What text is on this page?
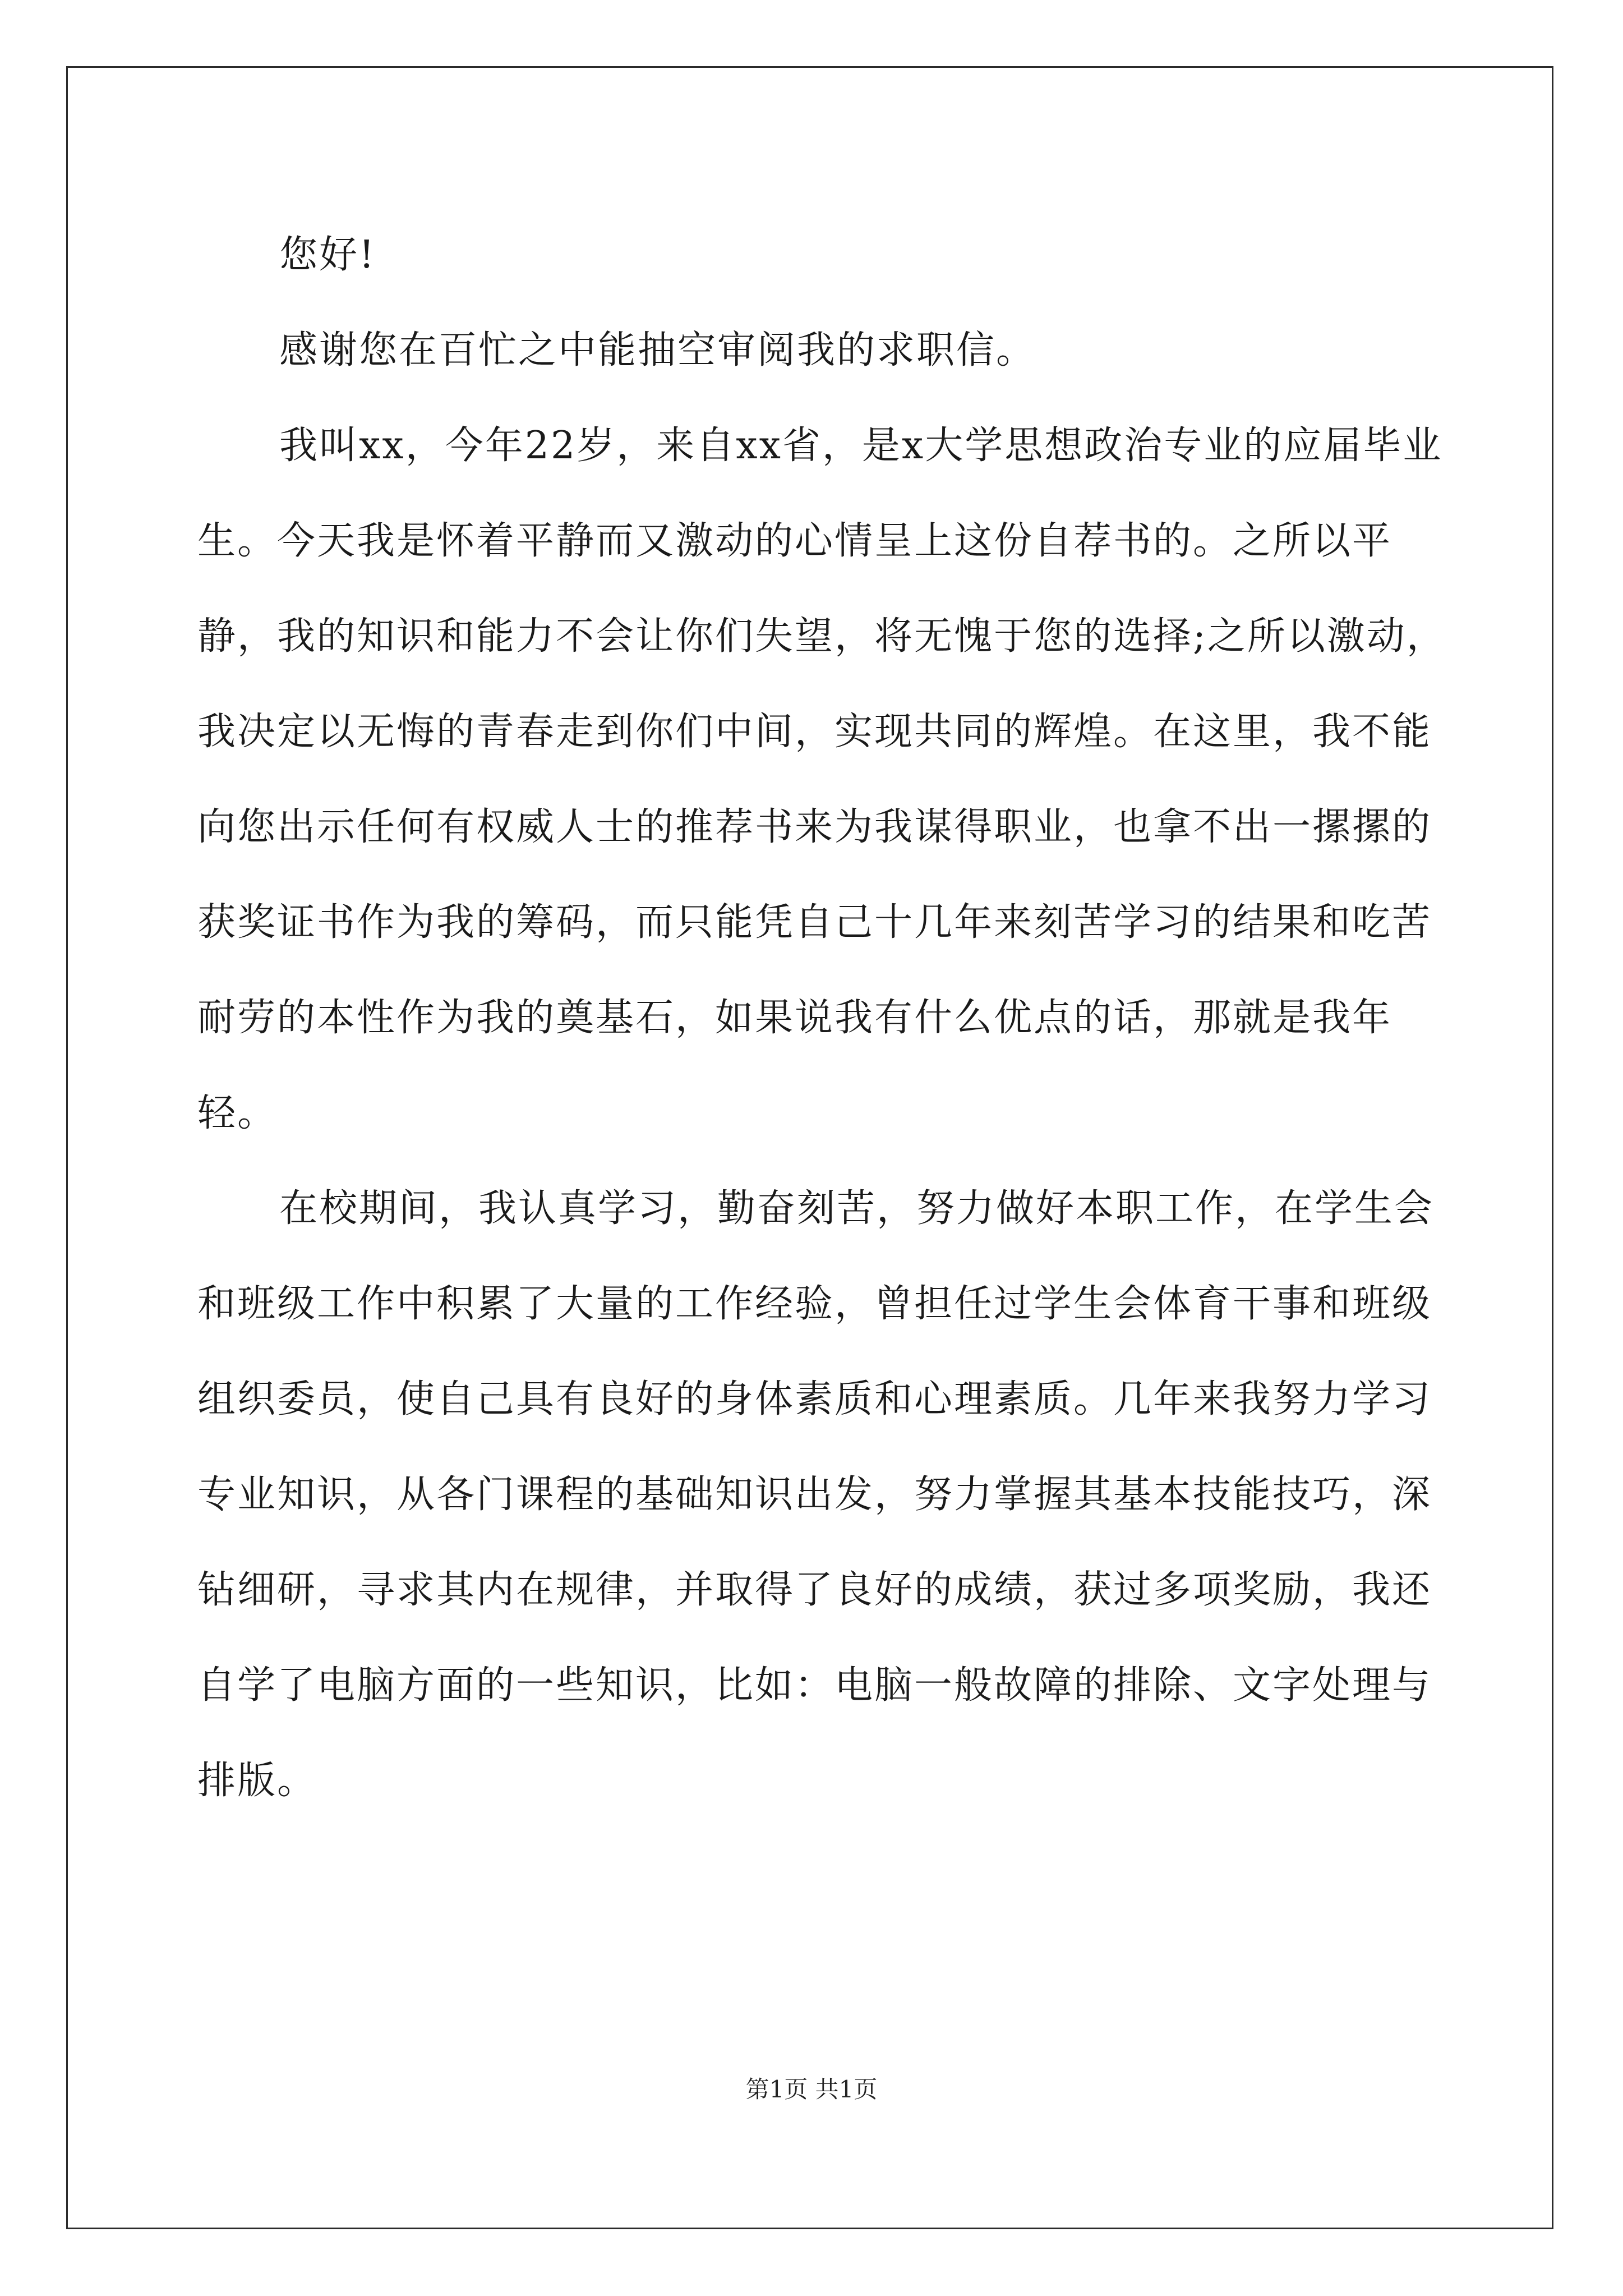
您好!

感谢您在百忙之中能抽空审阅我的求职信。

我叫xx，今年22岁，来自xx省，是x大学思想政治专业的应届毕业生。今天我是怀着平静而又激动的心情呈上这份自荐书的。之所以平静，我的知识和能力不会让你们失望，将无愧于您的选择;之所以激动，我决定以无悔的青春走到你们中间，实现共同的辉煌。在这里，我不能向您出示任何有权威人士的推荐书来为我谋得职业，也拿不出一摞摞的获奖证书作为我的筹码，而只能凭自己十几年来刻苦学习的结果和吃苦耐劳的本性作为我的奠基石，如果说我有什么优点的话，那就是我年轻。

在校期间，我认真学习，勤奋刻苦，努力做好本职工作，在学生会和班级工作中积累了大量的工作经验，曾担任过学生会体育干事和班级组织委员，使自己具有良好的身体素质和心理素质。几年来我努力学习专业知识，从各门课程的基础知识出发，努力掌握其基本技能技巧，深钻细研，寻求其内在规律，并取得了良好的成绩，获过多项奖励，我还自学了电脑方面的一些知识，比如：电脑一般故障的排除、文字处理与排版。

第1页 共1页
